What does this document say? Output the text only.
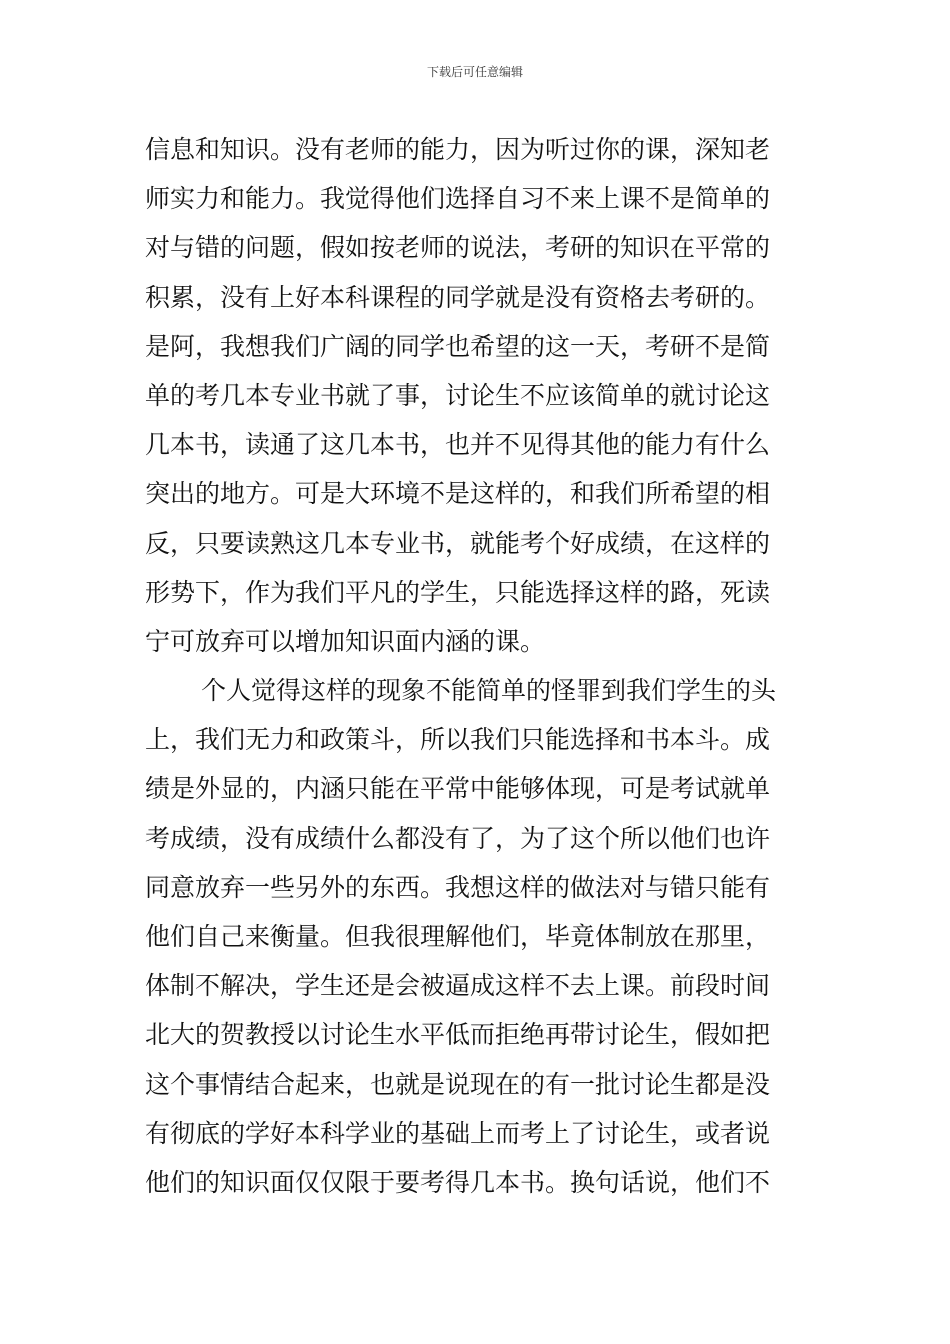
下载后可任意编辑
信息和知识。没有老师的能力，因为听过你的课，深知老
师实力和能力。我觉得他们选择自习不来上课不是简单的
对与错的问题，假如按老师的说法，考研的知识在平常的
积累，没有上好本科课程的同学就是没有资格去考研的。
是阿，我想我们广阔的同学也希望的这一天，考研不是简
单的考几本专业书就了事，讨论生不应该简单的就讨论这
几本书，读通了这几本书，也并不见得其他的能力有什么
突出的地方。可是大环境不是这样的，和我们所希望的相
反，只要读熟这几本专业书，就能考个好成绩，在这样的
形势下，作为我们平凡的学生，只能选择这样的路，死读
宁可放弃可以增加知识面内涵的课。
个人觉得这样的现象不能简单的怪罪到我们学生的头
上，我们无力和政策斗，所以我们只能选择和书本斗。成
绩是外显的，内涵只能在平常中能够体现，可是考试就单
考成绩，没有成绩什么都没有了，为了这个所以他们也许
同意放弃一些另外的东西。我想这样的做法对与错只能有
他们自己来衡量。但我很理解他们，毕竟体制放在那里，
体制不解决，学生还是会被逼成这样不去上课。前段时间
北大的贺教授以讨论生水平低而拒绝再带讨论生，假如把
这个事情结合起来，也就是说现在的有一批讨论生都是没
有彻底的学好本科学业的基础上而考上了讨论生，或者说
他们的知识面仅仅限于要考得几本书。换句话说，他们不
